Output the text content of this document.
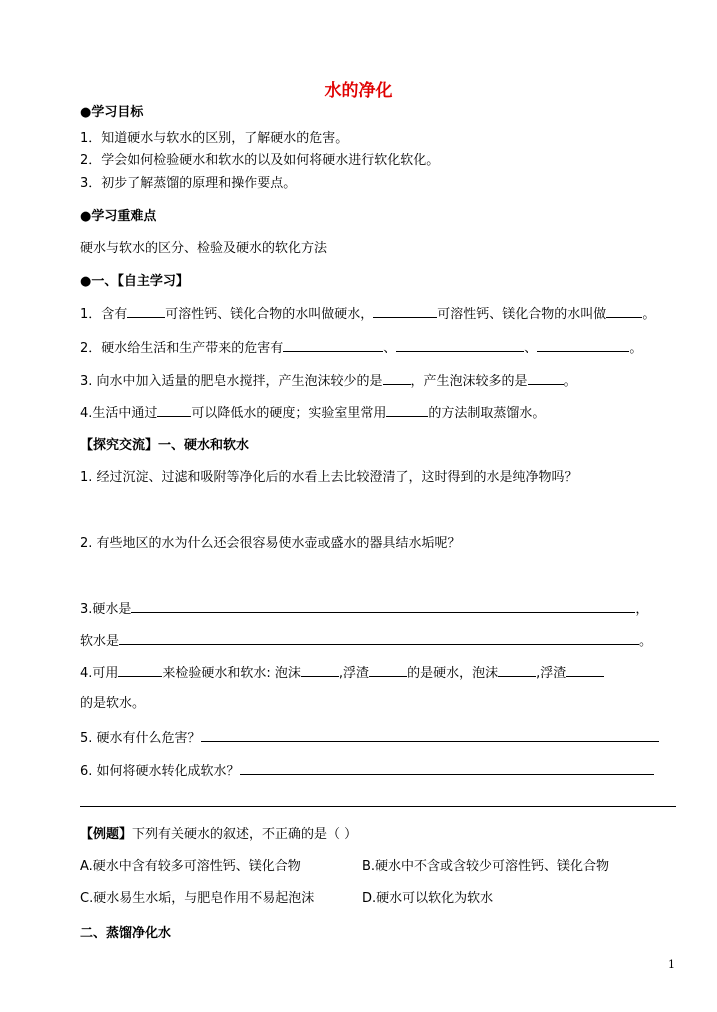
水的净化
●学习目标
1．知道硬水与软水的区别，了解硬水的危害。
2．学会如何检验硬水和软水的以及如何将硬水进行软化软化。
3．初步了解蒸馏的原理和操作要点。
●学习重难点
硬水与软水的区分、检验及硬水的软化方法
●一、【自主学习】
1．含有	可溶性钙、镁化合物的水叫做硬水，	可溶性钙、镁化合物的水叫做	。
2．硬水给生活和生产带来的危害有	、	、	。
3. 向水中加入适量的肥皂水搅拌，产生泡沫较少的是 ，产生泡沫较多的是	。
4.生活中通过	可以降低水的硬度；实验室里常用	的方法制取蒸馏水。
【探究交流】一、硬水和软水
1. 经过沉淀、过滤和吸附等净化后的水看上去比较澄清了，这时得到的水是纯净物吗？
2. 有些地区的水为什么还会很容易使水壶或盛水的器具结水垢呢？
3.硬水是	，
软水是	。
4.可用	来检验硬水和软水: 泡沫	,浮渣	的是硬水，泡沫	,浮渣
的是软水。
5. 硬水有什么危害？
6. 如何将硬水转化成软水？
【例题】下列有关硬水的叙述，不正确的是（ ）
A.硬水中含有较多可溶性钙、镁化合物	B.硬水中不含或含较少可溶性钙、镁化合物
C.硬水易生水垢，与肥皂作用不易起泡沫	D.硬水可以软化为软水
二、蒸馏净化水
1
